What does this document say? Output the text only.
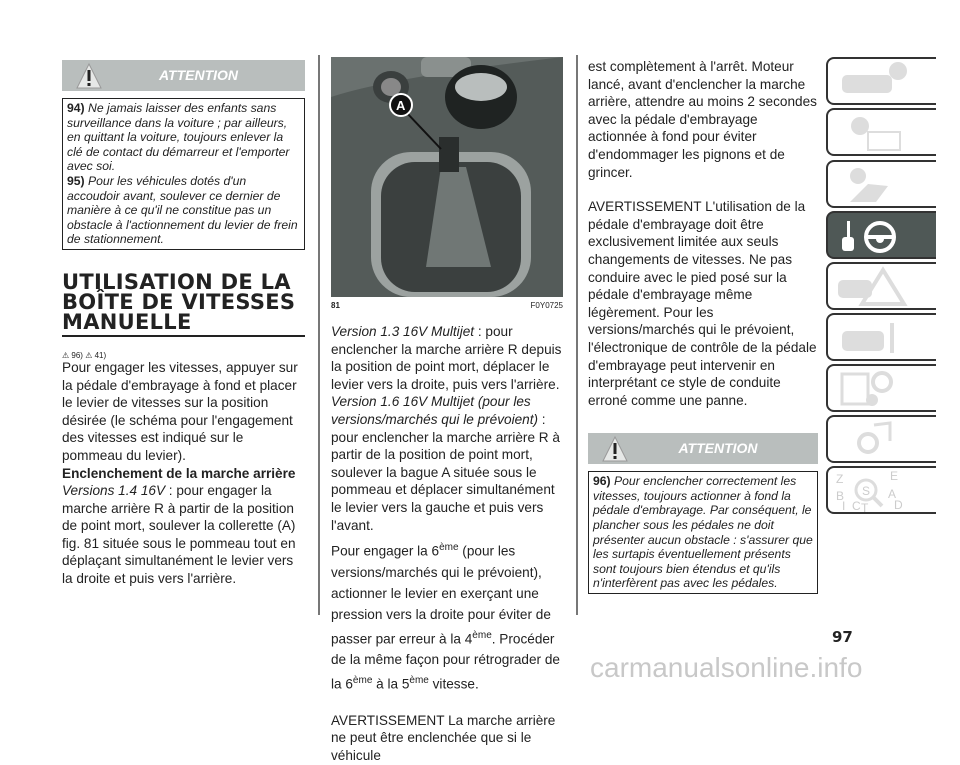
ATTENTION

94) Ne jamais laisser des enfants sans surveillance dans la voiture ; par ailleurs, en quittant la voiture, toujours enlever la clé de contact du démarreur et l'emporter avec soi.

95) Pour les véhicules dotés d'un accoudoir avant, soulever ce dernier de manière à ce qu'il ne constitue pas un obstacle à l'actionnement du levier de frein de stationnement.

UTILISATION DE LA BOÎTE DE VITESSES MANUELLE
⚠ 96) ⚠ 41)

Pour engager les vitesses, appuyer sur la pédale d'embrayage à fond et placer le levier de vitesses sur la position désirée (le schéma pour l'engagement des vitesses est indiqué sur le pommeau du levier).

Enclenchement de la marche arrière

Versions 1.4 16V : pour engager la marche arrière R à partir de la position de point mort, soulever la collerette (A) fig. 81 située sous le pommeau tout en déplaçant simultanément le levier vers la droite et puis vers l'arrière.

A
81	F0Y0725

Version 1.3 16V Multijet : pour enclencher la marche arrière R depuis la position de point mort, déplacer le levier vers la droite, puis vers l'arrière.

Version 1.6 16V Multijet (pour les versions/marchés qui le prévoient) : pour enclencher la marche arrière R à partir de la position de point mort, soulever la bague A située sous le pommeau et déplacer simultanément le levier vers la gauche et puis vers l'avant.

Pour engager la 6ème (pour les versions/marchés qui le prévoient), actionner le levier en exerçant une pression vers la droite pour éviter de passer par erreur à la 4ème. Procéder de la même façon pour rétrograder de la 6ème à la 5ème vitesse.

AVERTISSEMENT La marche arrière ne peut être enclenchée que si le véhicule

est complètement à l'arrêt. Moteur lancé, avant d'enclencher la marche arrière, attendre au moins 2 secondes avec la pédale d'embrayage actionnée à fond pour éviter d'endommager les pignons et de grincer.

AVERTISSEMENT L'utilisation de la pédale d'embrayage doit être exclusivement limitée aux seuls changements de vitesses. Ne pas conduire avec le pied posé sur la pédale d'embrayage même légèrement. Pour les versions/marchés qui le prévoient, l'électronique de contrôle de la pédale d'embrayage peut intervenir en interprétant ce style de conduite erroné comme une panne.

ATTENTION

96) Pour enclencher correctement les vitesses, toujours actionner à fond la pédale d'embrayage. Par conséquent, le plancher sous les pédales ne doit présenter aucun obstacle : s'assurer que les surtapis éventuellement présents sont toujours bien étendus et qu'ils n'interfèrent pas avec les pédales.

Z	E B	A I C T D S
97
carmanualsonline.info
